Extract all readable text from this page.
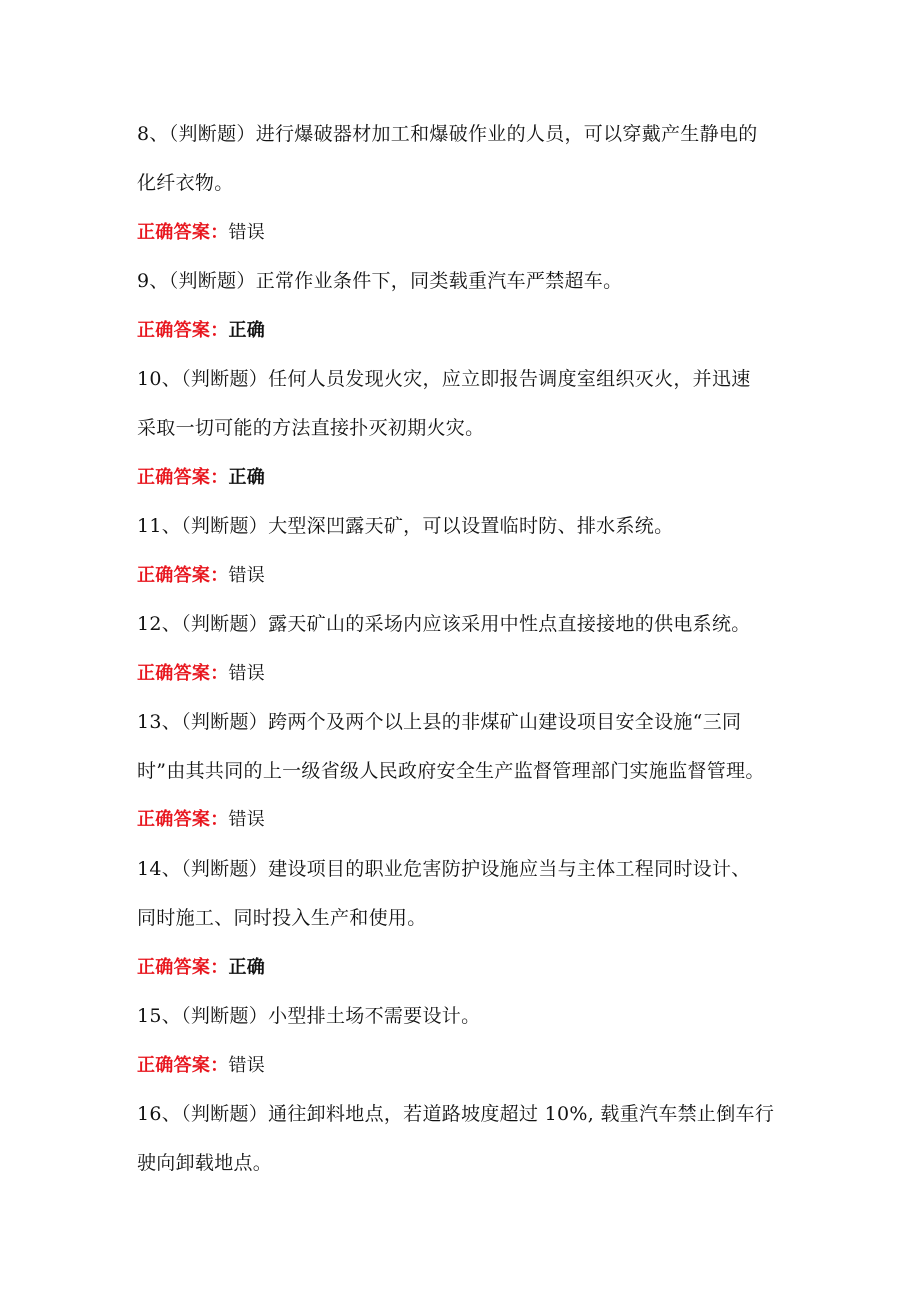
8、（判断题）进行爆破器材加工和爆破作业的人员，可以穿戴产生静电的
化纤衣物。
正确答案：错误
9、（判断题）正常作业条件下，同类载重汽车严禁超车。
正确答案：正确
10、（判断题）任何人员发现火灾，应立即报告调度室组织灭火，并迅速
采取一切可能的方法直接扑灭初期火灾。
正确答案：正确
11、（判断题）大型深凹露天矿，可以设置临时防、排水系统。
正确答案：错误
12、（判断题）露天矿山的采场内应该采用中性点直接接地的供电系统。
正确答案：错误
13、（判断题）跨两个及两个以上县的非煤矿山建设项目安全设施“三同
时”由其共同的上一级省级人民政府安全生产监督管理部门实施监督管理。
正确答案：错误
14、（判断题）建设项目的职业危害防护设施应当与主体工程同时设计、
同时施工、同时投入生产和使用。
正确答案：正确
15、（判断题）小型排土场不需要设计。
正确答案：错误
16、（判断题）通往卸料地点，若道路坡度超过 10%, 载重汽车禁止倒车行
驶向卸载地点。
